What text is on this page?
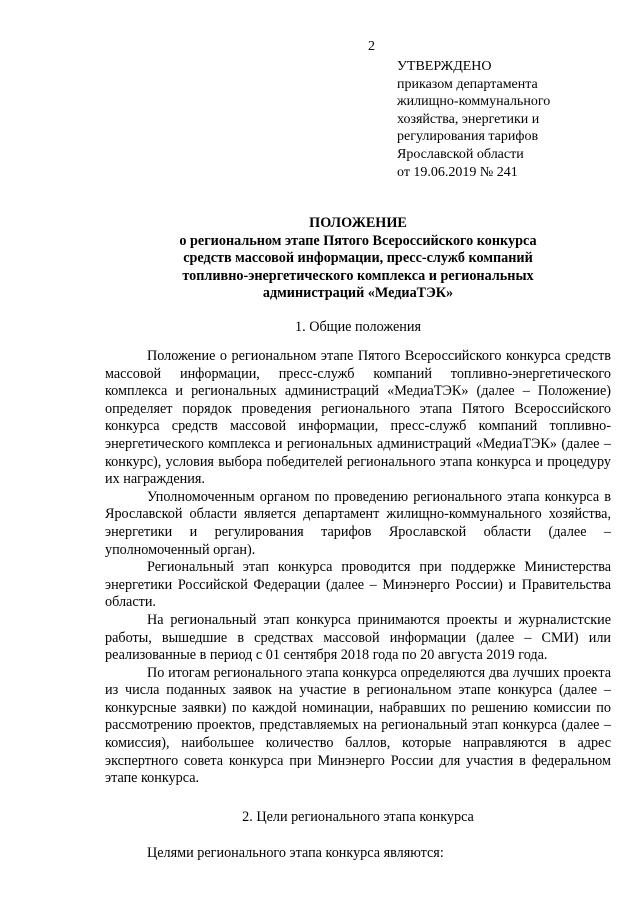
2
УТВЕРЖДЕНО
приказом департамента
жилищно-коммунального
хозяйства, энергетики и
регулирования тарифов
Ярославской области
от 19.06.2019 № 241
ПОЛОЖЕНИЕ
о региональном этапе Пятого Всероссийского конкурса
средств массовой информации, пресс-служб компаний
топливно-энергетического комплекса и региональных
администраций «МедиаТЭК»
1. Общие положения

Положение о региональном этапе Пятого Всероссийского конкурса средств массовой информации, пресс-служб компаний топливно-энергетического комплекса и региональных администраций «МедиаТЭК» (далее – Положение) определяет порядок проведения регионального этапа Пятого Всероссийского конкурса средств массовой информации, пресс-служб компаний топливно-энергетического комплекса и региональных администраций «МедиаТЭК» (далее – конкурс), условия выбора победителей регионального этапа конкурса и процедуру их награждения.

Уполномоченным органом по проведению регионального этапа конкурса в Ярославской области является департамент жилищно-коммунального хозяйства, энергетики и регулирования тарифов Ярославской области (далее – уполномоченный орган).

Региональный этап конкурса проводится при поддержке Министерства энергетики Российской Федерации (далее – Минэнерго России) и Правительства области.

На региональный этап конкурса принимаются проекты и журналистские работы, вышедшие в средствах массовой информации (далее – СМИ) или реализованные в период с 01 сентября 2018 года по 20 августа 2019 года.

По итогам регионального этапа конкурса определяются два лучших проекта из числа поданных заявок на участие в региональном этапе конкурса (далее – конкурсные заявки) по каждой номинации, набравших по решению комиссии по рассмотрению проектов, представляемых на региональный этап конкурса (далее – комиссия), наибольшее количество баллов, которые направляются в адрес экспертного совета конкурса при Минэнерго России для участия в федеральном этапе конкурса.

2. Цели регионального этапа конкурса
Целями регионального этапа конкурса являются:
